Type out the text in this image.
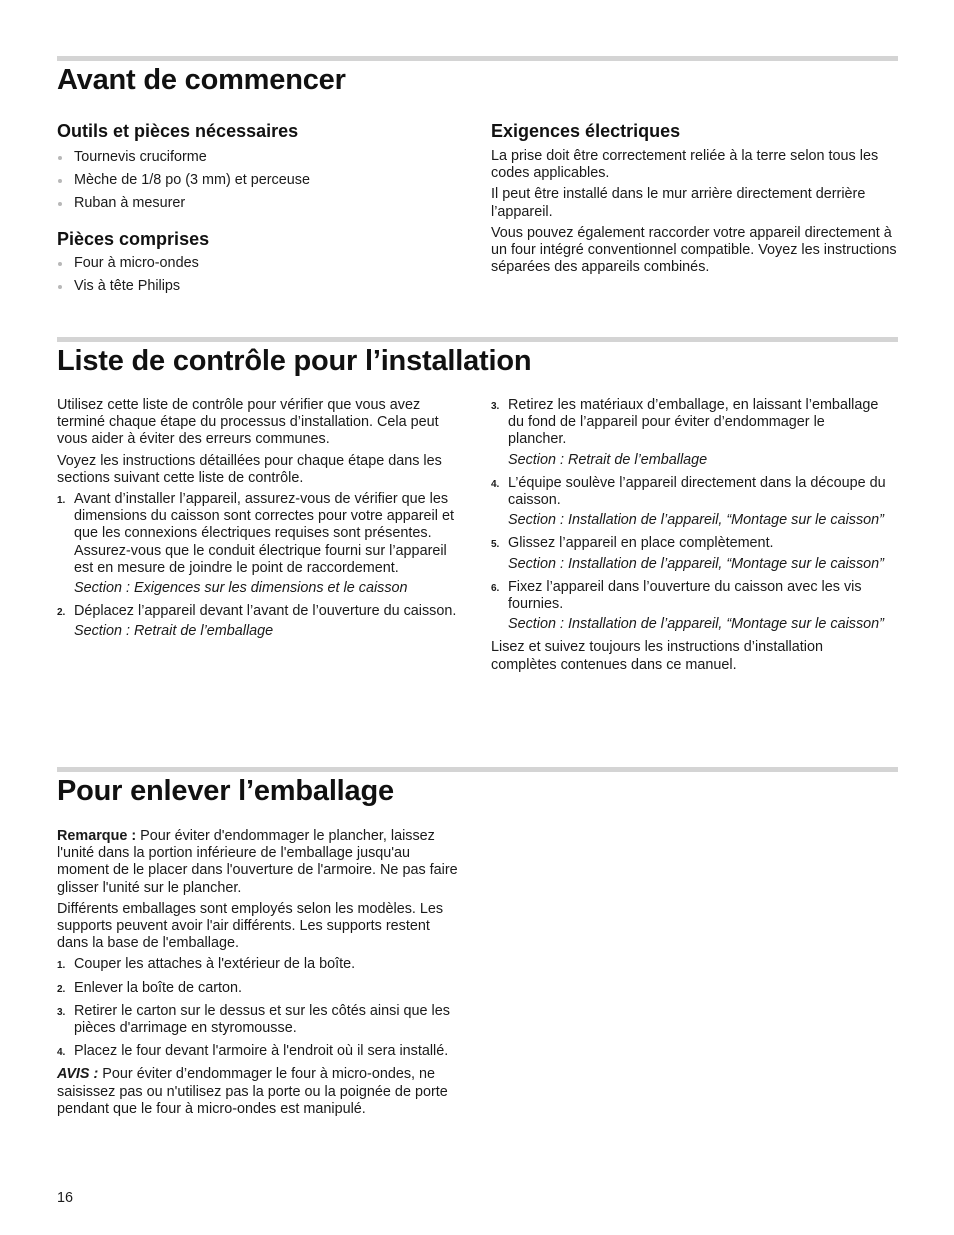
Avant de commencer
Outils et pièces nécessaires
Tournevis cruciforme
Mèche de 1/8 po (3 mm) et perceuse
Ruban à mesurer
Pièces comprises
Four à micro-ondes
Vis à tête Philips
Exigences électriques

La prise doit être correctement reliée à la terre selon tous les codes applicables.

Il peut être installé dans le mur arrière directement derrière l’appareil.

Vous pouvez également raccorder votre appareil directement à un four intégré conventionnel compatible. Voyez les instructions séparées des appareils combinés.

Liste de contrôle pour l’installation

Utilisez cette liste de contrôle pour vérifier que vous avez terminé chaque étape du processus d’installation. Cela peut vous aider à éviter des erreurs communes.

Voyez les instructions détaillées pour chaque étape dans les sections suivant cette liste de contrôle.

1. Avant d’installer l’appareil, assurez-vous de vérifier que les dimensions du caisson sont correctes pour votre appareil et que les connexions électriques requises sont présentes. Assurez-vous que le conduit électrique fourni sur l’appareil est en mesure de joindre le point de raccordement.
Section : Exigences sur les dimensions et le caisson
2. Déplacez l’appareil devant l’avant de l’ouverture du caisson.
Section : Retrait de l’emballage
3. Retirez les matériaux d’emballage, en laissant l’emballage du fond de l’appareil pour éviter d’endommager le plancher.
Section : Retrait de l’emballage
4. L’équipe soulève l’appareil directement dans la découpe du caisson.
Section : Installation de l’appareil, “Montage sur le caisson”
5. Glissez l’appareil en place complètement.
Section : Installation de l’appareil, “Montage sur le caisson”
6. Fixez l’appareil dans l’ouverture du caisson avec les vis fournies.
Section : Installation de l’appareil, “Montage sur le caisson”

Lisez et suivez toujours les instructions d’installation complètes contenues dans ce manuel.

Pour enlever l’emballage

Remarque : Pour éviter d'endommager le plancher, laissez l'unité dans la portion inférieure de l'emballage jusqu'au moment de le placer dans l'ouverture de l'armoire. Ne pas faire glisser l'unité sur le plancher.

Différents emballages sont employés selon les modèles. Les supports peuvent avoir l'air différents. Les supports restent dans la base de l'emballage.

1. Couper les attaches à l'extérieur de la boîte.
2. Enlever la boîte de carton.
3. Retirer le carton sur le dessus et sur les côtés ainsi que les pièces d'arrimage en styromousse.
4. Placez le four devant l'armoire à l'endroit où il sera installé.

AVIS : Pour éviter d’endommager le four à micro-ondes, ne saisissez pas ou n'utilisez pas la porte ou la poignée de porte pendant que le four à micro-ondes est manipulé.

16
